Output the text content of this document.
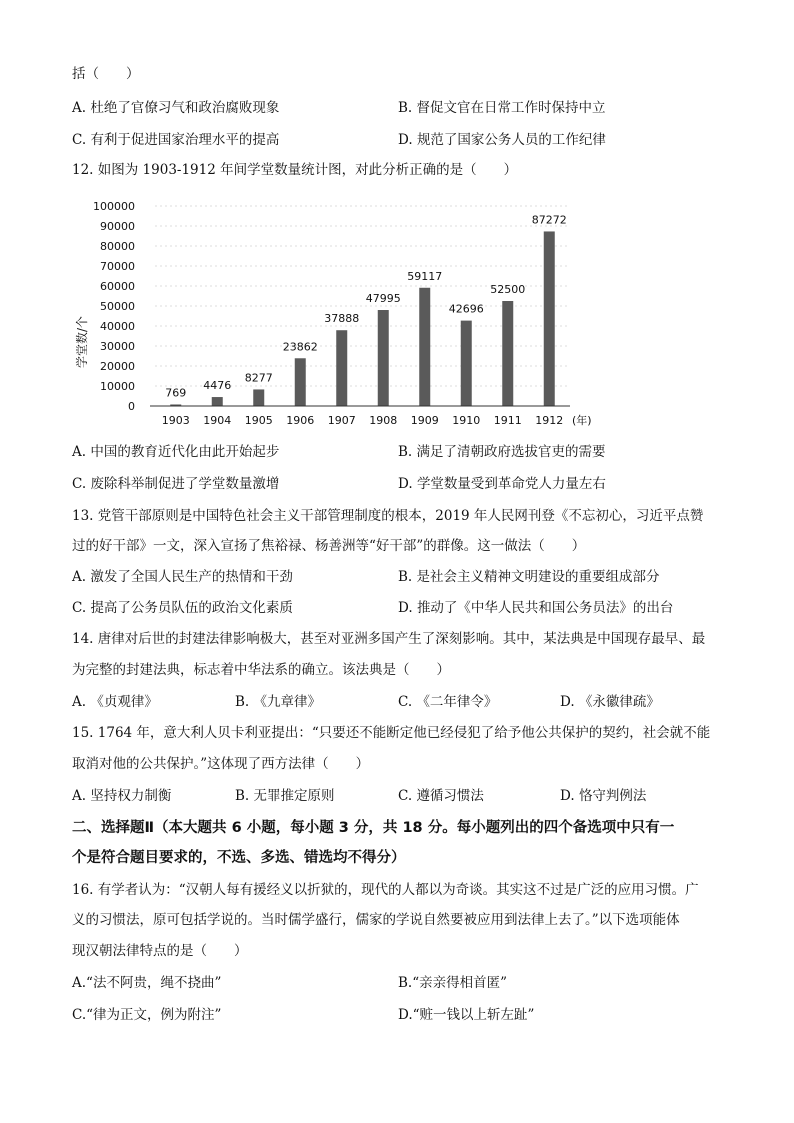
括（　　）
A. 杜绝了官僚习气和政治腐败现象	B. 督促文官在日常工作时保持中立
C. 有利于促进国家治理水平的提高	D. 规范了国家公务人员的工作纪律
12. 如图为 1903-1912 年间学堂数量统计图，对此分析正确的是（　　）
0
10000
20000
30000
40000
50000
60000
70000
80000
90000
100000
769
4476
8277
23862
37888
47995
59117
42696
52500
87272
1903 1904 1905 1906 1907 1908 1909 1910 1911 1912
学堂数/个
(年)
A. 中国的教育近代化由此开始起步	B. 满足了清朝政府选拔官吏的需要
C. 废除科举制促进了学堂数量激增	D. 学堂数量受到革命党人力量左右
13. 党管干部原则是中国特色社会主义干部管理制度的根本，2019 年人民网刊登《不忘初心，习近平点赞
过的好干部》一文，深入宣扬了焦裕禄、杨善洲等“好干部”的群像。这一做法（　　）
A. 激发了全国人民生产的热情和干劲	B. 是社会主义精神文明建设的重要组成部分
C. 提高了公务员队伍的政治文化素质	D. 推动了《中华人民共和国公务员法》的出台
14. 唐律对后世的封建法律影响极大，甚至对亚洲多国产生了深刻影响。其中，某法典是中国现存最早、最
为完整的封建法典，标志着中华法系的确立。该法典是（　　）
A. 《贞观律》	B. 《九章律》	C. 《二年律令》	D. 《永徽律疏》
15. 1764 年，意大利人贝卡利亚提出：“只要还不能断定他已经侵犯了给予他公共保护的契约，社会就不能
取消对他的公共保护。”这体现了西方法律（　　）
A. 坚持权力制衡	B. 无罪推定原则	C. 遵循习惯法	D. 恪守判例法
二、选择题Ⅱ（本大题共 6 小题，每小题 3 分，共 18 分。每小题列出的四个备选项中只有一
个是符合题目要求的，不选、多选、错选均不得分）
16. 有学者认为：“汉朝人每有援经义以折狱的，现代的人都以为奇谈。其实这不过是广泛的应用习惯。广
义的习惯法，原可包括学说的。当时儒学盛行，儒家的学说自然要被应用到法律上去了。”以下选项能体
现汉朝法律特点的是（　　）
A.“法不阿贵，绳不挠曲”	B.“亲亲得相首匿”
C.“律为正文，例为附注”	D.“赃一钱以上斩左趾”
